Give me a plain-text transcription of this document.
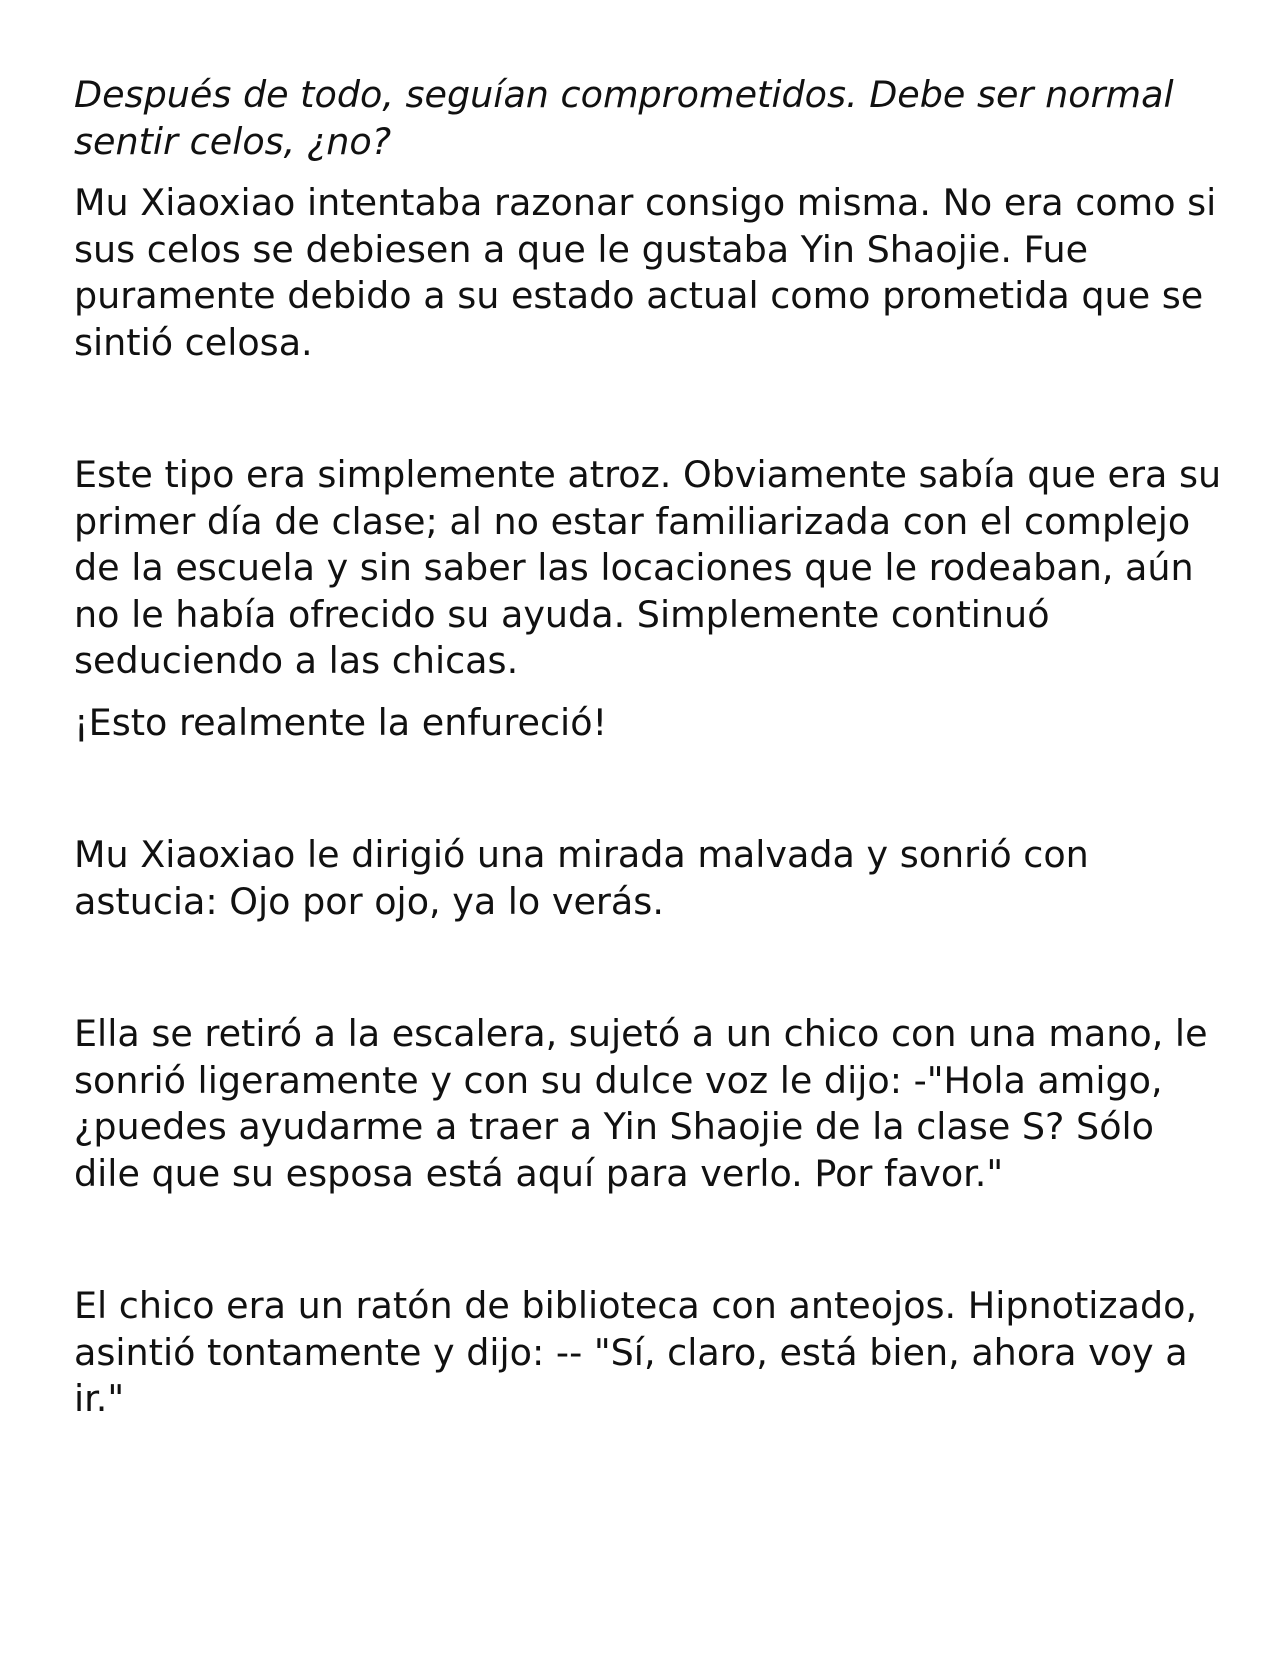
Después de todo, seguían comprometidos. Debe ser normal sentir celos, ¿no?

Mu Xiaoxiao intentaba razonar consigo misma. No era como si sus celos se debiesen a que le gustaba Yin Shaojie. Fue puramente debido a su estado actual como prometida que se sintió celosa.

Este tipo era simplemente atroz. Obviamente sabía que era su primer día de clase; al no estar familiarizada con el complejo de la escuela y sin saber las locaciones que le rodeaban, aún no le había ofrecido su ayuda. Simplemente continuó seduciendo a las chicas.

¡Esto realmente la enfureció!

Mu Xiaoxiao le dirigió una mirada malvada y sonrió con astucia: Ojo por ojo, ya lo verás.

Ella se retiró a la escalera, sujetó a un chico con una mano, le sonrió ligeramente y con su dulce voz le dijo: -"Hola amigo, ¿puedes ayudarme a traer a Yin Shaojie de la clase S? Sólo dile que su esposa está aquí para verlo. Por favor."

El chico era un ratón de biblioteca con anteojos. Hipnotizado, asintió tontamente y dijo: -- "Sí, claro, está bien, ahora voy a ir."
